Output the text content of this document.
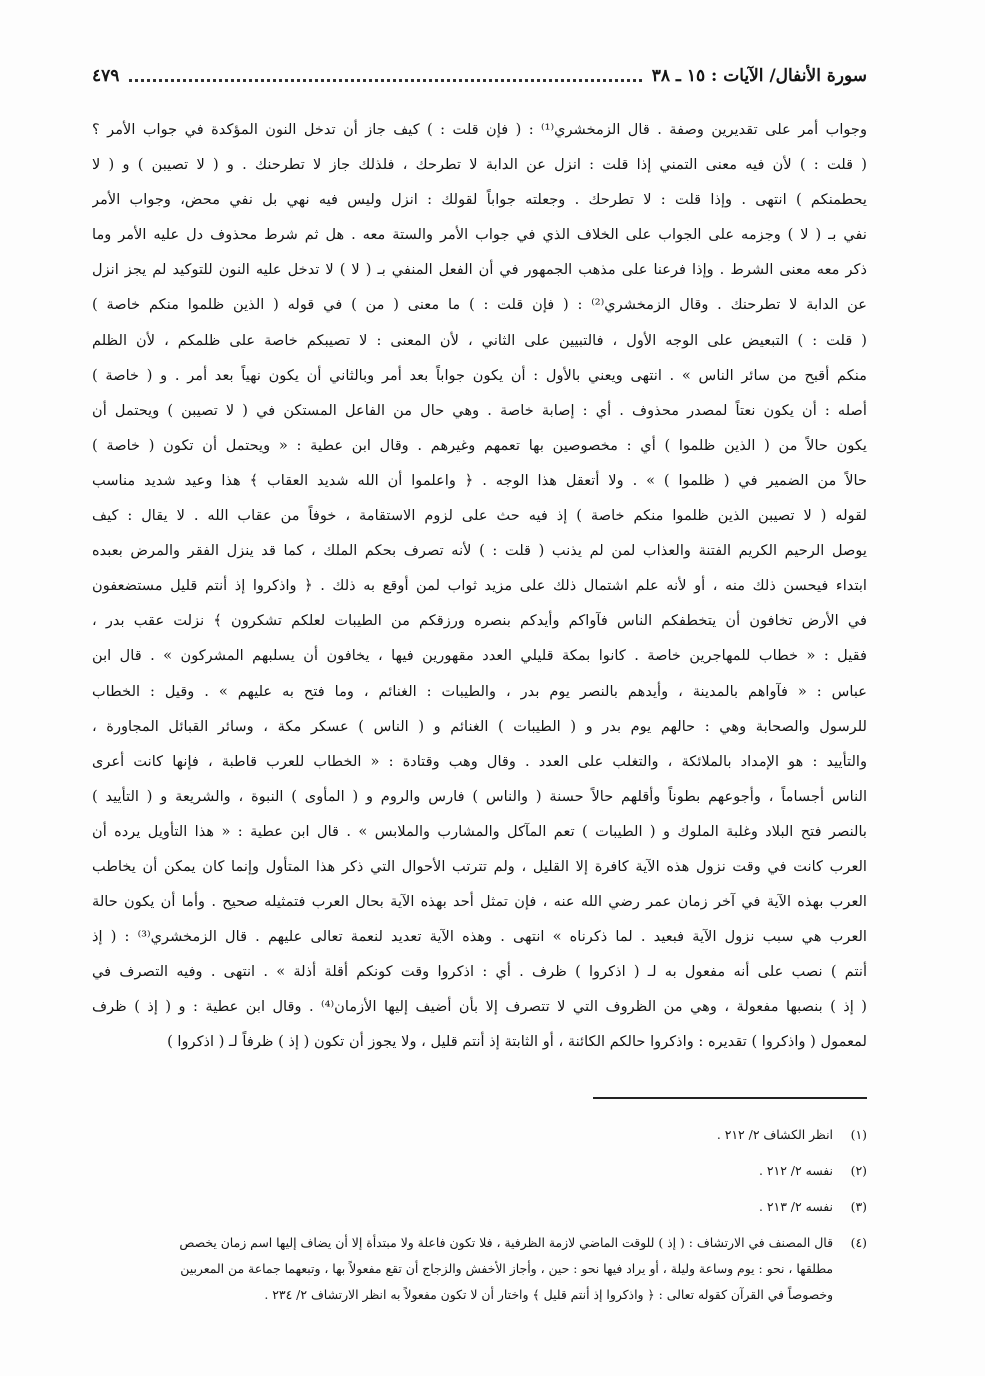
سورة الأنفال/ الآيات : ١٥ ـ ٣٨
٤٧٩
وجواب أمر على تقديرين وصفة . قال الزمخشري⁽¹⁾ : ( فإن قلت : ) كيف جاز أن تدخل النون المؤكدة في جواب الأمر ؟
( قلت : ) لأن فيه معنى التمني إذا قلت : انزل عن الدابة لا تطرحك ، فلذلك جاز لا تطرحنك . و ( لا تصيبن ) و ( لا
يحطمنكم ) انتهى . وإذا قلت : لا تطرحك . وجعلته جواباً لقولك : انزل وليس فيه نهي بل نفي محض، وجواب الأمر
نفي بـ ( لا ) وجزمه على الجواب على الخلاف الذي في جواب الأمر والستة معه . هل ثم شرط محذوف دل عليه الأمر وما
ذكر معه معنى الشرط . وإذا فرعنا على مذهب الجمهور في أن الفعل المنفي بـ ( لا ) لا تدخل عليه النون للتوكيد لم يجز انزل
عن الدابة لا تطرحنك . وقال الزمخشري⁽²⁾ : ( فإن قلت : ) ما معنى ( من ) في قوله ( الذين ظلموا منكم خاصة )
( قلت : ) التبعيض على الوجه الأول ، فالتبيين على الثاني ، لأن المعنى : لا تصيبكم خاصة على ظلمكم ، لأن الظلم
منكم أقبح من سائر الناس » . انتهى ويعني بالأول : أن يكون جواباً بعد أمر وبالثاني أن يكون نهياً بعد أمر . و ( خاصة )
أصله : أن يكون نعتاً لمصدر محذوف . أي : إصابة خاصة . وهي حال من الفاعل المستكن في ( لا تصيبن ) ويحتمل أن
يكون حالاً من ( الذين ظلموا ) أي : مخصوصين بها تعمهم وغيرهم . وقال ابن عطية : « ويحتمل أن تكون ( خاصة )
حالاً من الضمير في ( ظلموا ) » . ولا أتعقل هذا الوجه . ﴿ واعلموا أن الله شديد العقاب ﴾ هذا وعيد شديد مناسب
لقوله ( لا تصيبن الذين ظلموا منكم خاصة ) إذ فيه حث على لزوم الاستقامة ، خوفاً من عقاب الله . لا يقال : كيف
يوصل الرحيم الكريم الفتنة والعذاب لمن لم يذنب ( قلت : ) لأنه تصرف بحكم الملك ، كما قد ينزل الفقر والمرض بعبده
ابتداء فيحسن ذلك منه ، أو لأنه علم اشتمال ذلك على مزيد ثواب لمن أوقع به ذلك . ﴿ واذكروا إذ أنتم قليل مستضعفون
في الأرض تخافون أن يتخطفكم الناس فآواكم وأيدكم بنصره ورزقكم من الطيبات لعلكم تشكرون ﴾ نزلت عقب بدر ،
فقيل : « خطاب للمهاجرين خاصة . كانوا بمكة قليلي العدد مقهورين فيها ، يخافون أن يسلبهم المشركون » . قال ابن
عباس : « فآواهم بالمدينة ، وأيدهم بالنصر يوم بدر ، والطيبات : الغنائم ، وما فتح به عليهم » . وقيل : الخطاب
للرسول والصحابة وهي : حالهم يوم بدر و ( الطيبات ) الغنائم و ( الناس ) عسكر مكة ، وسائر القبائل المجاورة ،
والتأييد : هو الإمداد بالملائكة ، والتغلب على العدد . وقال وهب وقتادة : « الخطاب للعرب قاطبة ، فإنها كانت أعرى
الناس أجساماً ، وأجوعهم بطوناً وأقلهم حالاً حسنة ( والناس ) فارس والروم و ( المأوى ) النبوة ، والشريعة و ( التأييد )
بالنصر فتح البلاد وغلبة الملوك و ( الطيبات ) تعم المآكل والمشارب والملابس » . قال ابن عطية : « هذا التأويل يرده أن
العرب كانت في وقت نزول هذه الآية كافرة إلا القليل ، ولم تترتب الأحوال التي ذكر هذا المتأول وإنما كان يمكن أن يخاطب
العرب بهذه الآية في آخر زمان عمر رضي الله عنه ، فإن تمثل أحد بهذه الآية بحال العرب فتمثيله صحيح . وأما أن يكون حالة
العرب هي سبب نزول الآية فبعيد . لما ذكرناه » انتهى . وهذه الآية تعديد لنعمة تعالى عليهم . قال الزمخشري⁽³⁾ : ( إذ
أنتم ) نصب على أنه مفعول به لـ ( اذكروا ) ظرف . أي : اذكروا وقت كونكم أقلة أذلة » . انتهى . وفيه التصرف في
( إذ ) بنصبها مفعولة ، وهي من الظروف التي لا تتصرف إلا بأن أضيف إليها الأزمان⁽⁴⁾ . وقال ابن عطية : و ( إذ ) ظرف
لمعمول ( واذكروا ) تقديره : واذكروا حالكم الكائنة ، أو الثابتة إذ أنتم قليل ، ولا يجوز أن تكون ( إذ ) ظرفاً لـ ( اذكروا )
(١)انظر الكشاف ٢/ ٢١٢ .
(٢)نفسه ٢/ ٢١٢ .
(٣)نفسه ٢/ ٢١٣ .
(٤)قال المصنف في الارتشاف : ( إذ ) للوقت الماضي لازمة الظرفية ، فلا تكون فاعلة ولا مبتدأة إلا أن يضاف إليها اسم زمان يخصص
مطلقها ، نحو : يوم وساعة وليلة ، أو يراد فيها نحو : حين ، وأجاز الأخفش والزجاج أن تقع مفعولاً بها ، وتبعهما جماعة من المعربين
وخصوصاً في القرآن كقوله تعالى : ﴿ واذكروا إذ أنتم قليل ﴾ واختار أن لا تكون مفعولاً به انظر الارتشاف ٢/ ٢٣٤ .
